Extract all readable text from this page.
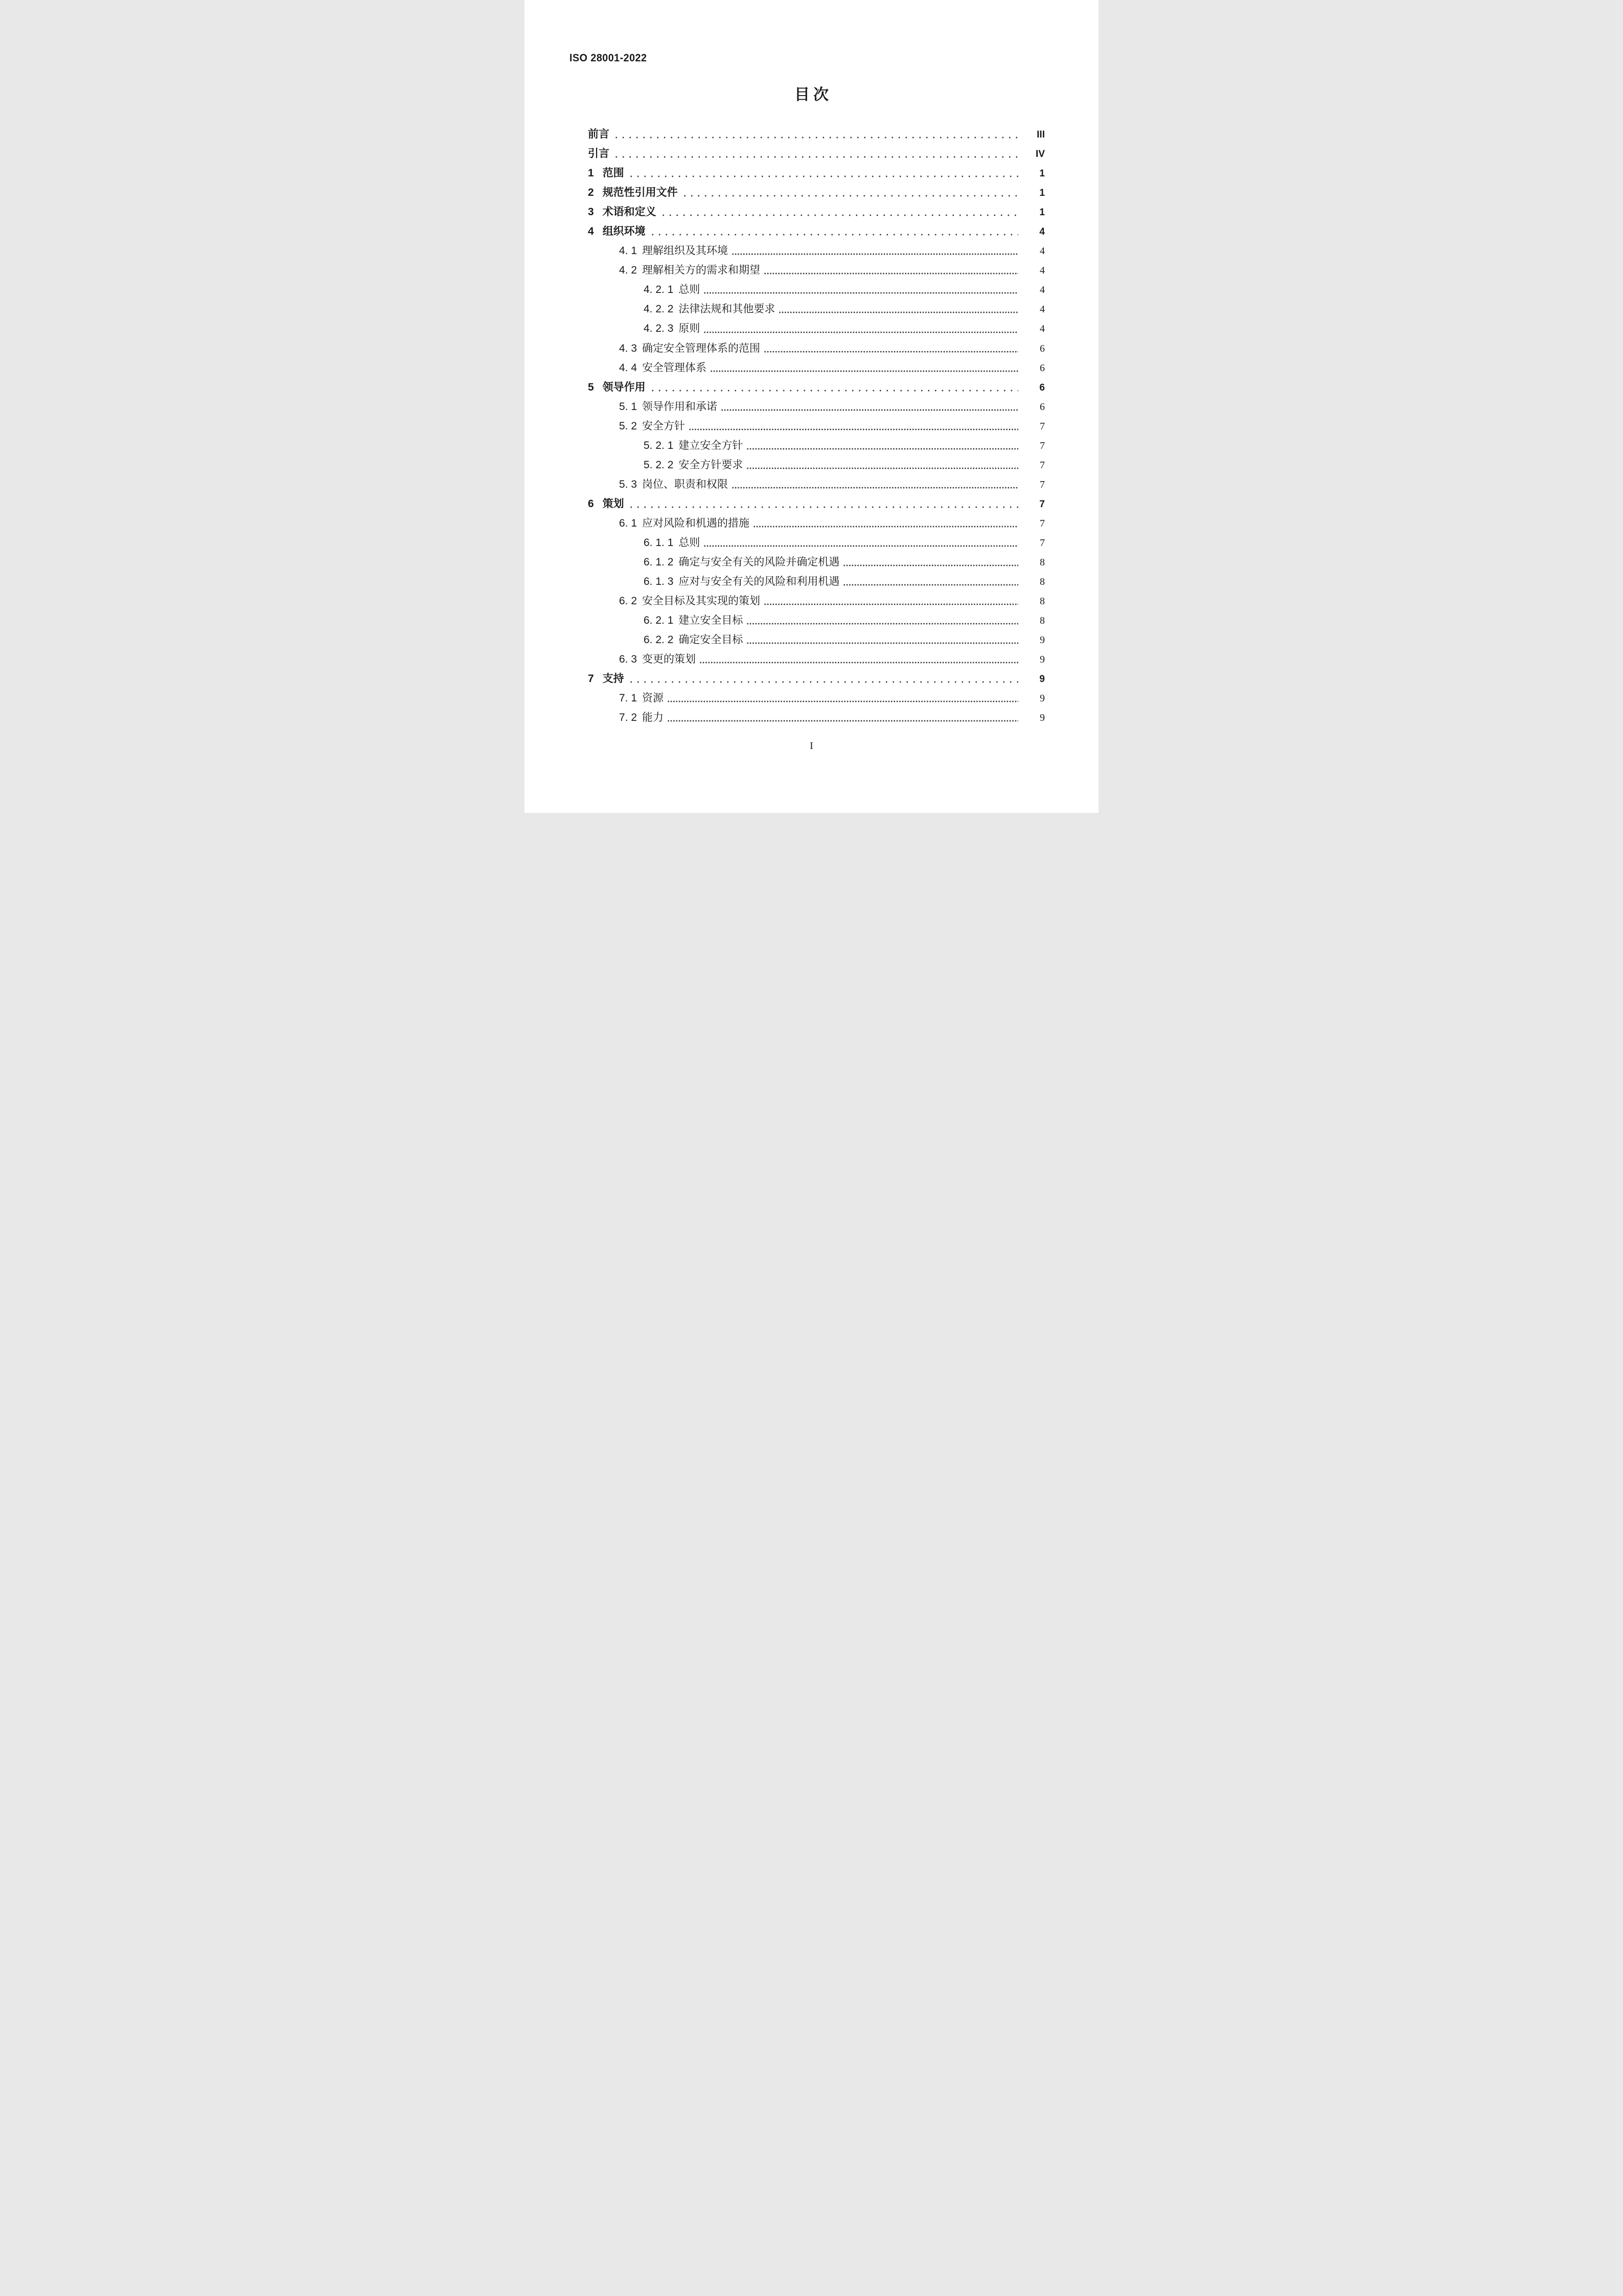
ISO 28001-2022
目次
前言	III
引言	IV
1 范围	1
2 规范性引用文件	1
3 术语和定义	1
4 组织环境	4
4. 1 理解组织及其环境	4
4. 2 理解相关方的需求和期望	4
4. 2. 1 总则	4
4. 2. 2 法律法规和其他要求	4
4. 2. 3 原则	4
4. 3 确定安全管理体系的范围	6
4. 4 安全管理体系	6
5 领导作用	6
5. 1 领导作用和承诺	6
5. 2 安全方针	7
5. 2. 1 建立安全方针	7
5. 2. 2 安全方针要求	7
5. 3 岗位、职责和权限	7
6 策划	7
6. 1 应对风险和机遇的措施	7
6. 1. 1 总则	7
6. 1. 2 确定与安全有关的风险并确定机遇	8
6. 1. 3 应对与安全有关的风险和利用机遇	8
6. 2 安全目标及其实现的策划	8
6. 2. 1 建立安全目标	8
6. 2. 2 确定安全目标	9
6. 3 变更的策划	9
7 支持	9
7. 1 资源	9
7. 2 能力	9
I
